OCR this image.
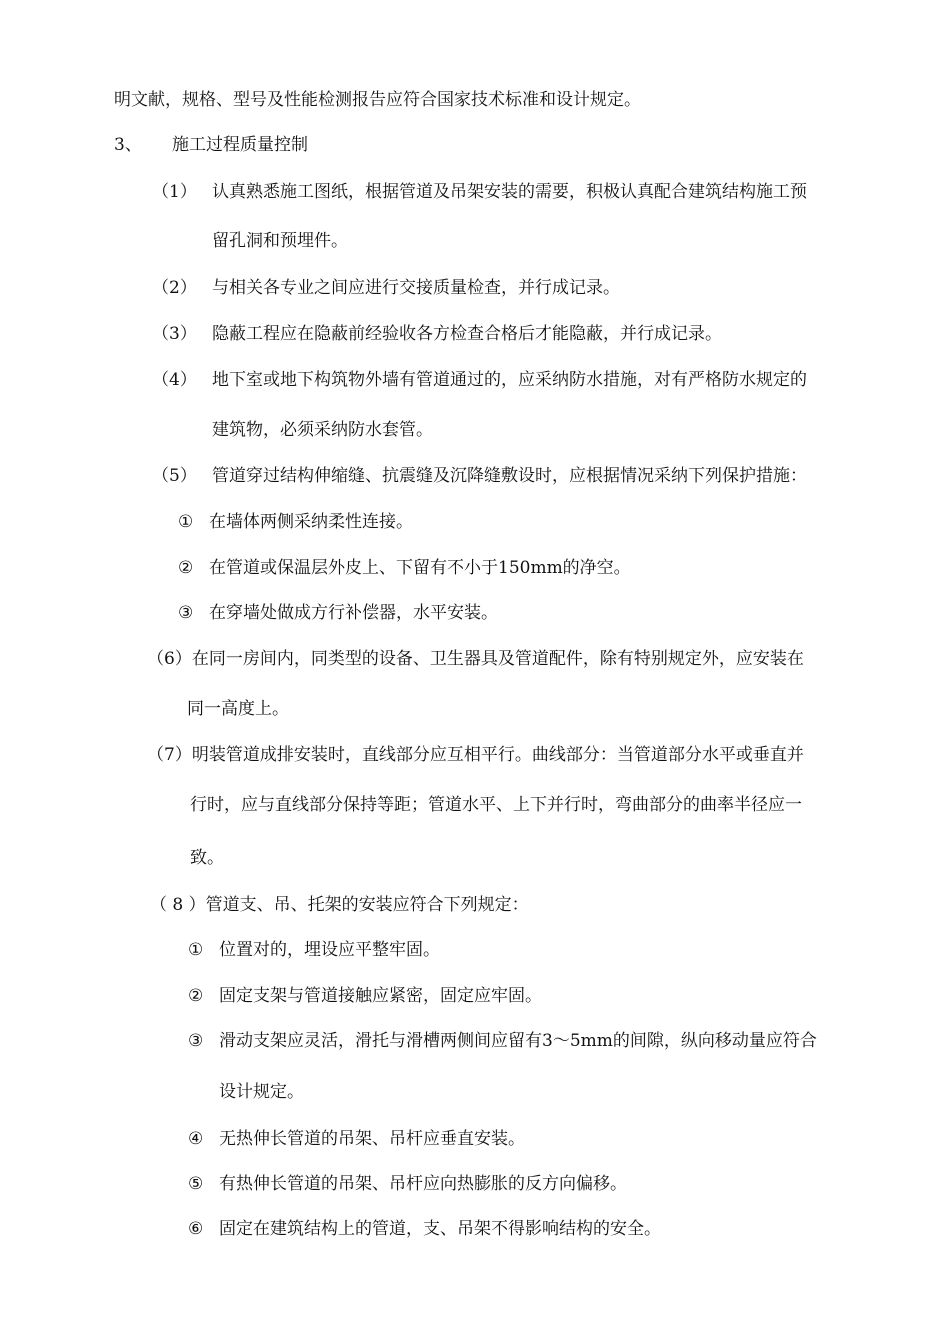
明文献，规格、型号及性能检测报告应符合国家技术标准和设计规定。
3、 施工过程质量控制
（1） 认真熟悉施工图纸，根据管道及吊架安装的需要，积极认真配合建筑结构施工预
留孔洞和预埋件。
（2） 与相关各专业之间应进行交接质量检查，并行成记录。
（3） 隐蔽工程应在隐蔽前经验收各方检查合格后才能隐蔽，并行成记录。
（4） 地下室或地下构筑物外墙有管道通过的，应采纳防水措施，对有严格防水规定的
建筑物，必须采纳防水套管。
（5） 管道穿过结构伸缩缝、抗震缝及沉降缝敷设时，应根据情况采纳下列保护措施：
① 在墙体两侧采纳柔性连接。
② 在管道或保温层外皮上、下留有不小于150mm的净空。
③ 在穿墙处做成方行补偿器，水平安装。
（6）在同一房间内，同类型的设备、卫生器具及管道配件，除有特别规定外，应安装在
同一高度上。
（7）明装管道成排安装时，直线部分应互相平行。曲线部分：当管道部分水平或垂直并
行时，应与直线部分保持等距；管道水平、上下并行时，弯曲部分的曲率半径应一
致。
（ 8 ）管道支、吊、托架的安装应符合下列规定：
① 位置对的，埋设应平整牢固。
② 固定支架与管道接触应紧密，固定应牢固。
③ 滑动支架应灵活，滑托与滑槽两侧间应留有3～5mm的间隙，纵向移动量应符合
设计规定。
④ 无热伸长管道的吊架、吊杆应垂直安装。
⑤ 有热伸长管道的吊架、吊杆应向热膨胀的反方向偏移。
⑥ 固定在建筑结构上的管道，支、吊架不得影响结构的安全。
